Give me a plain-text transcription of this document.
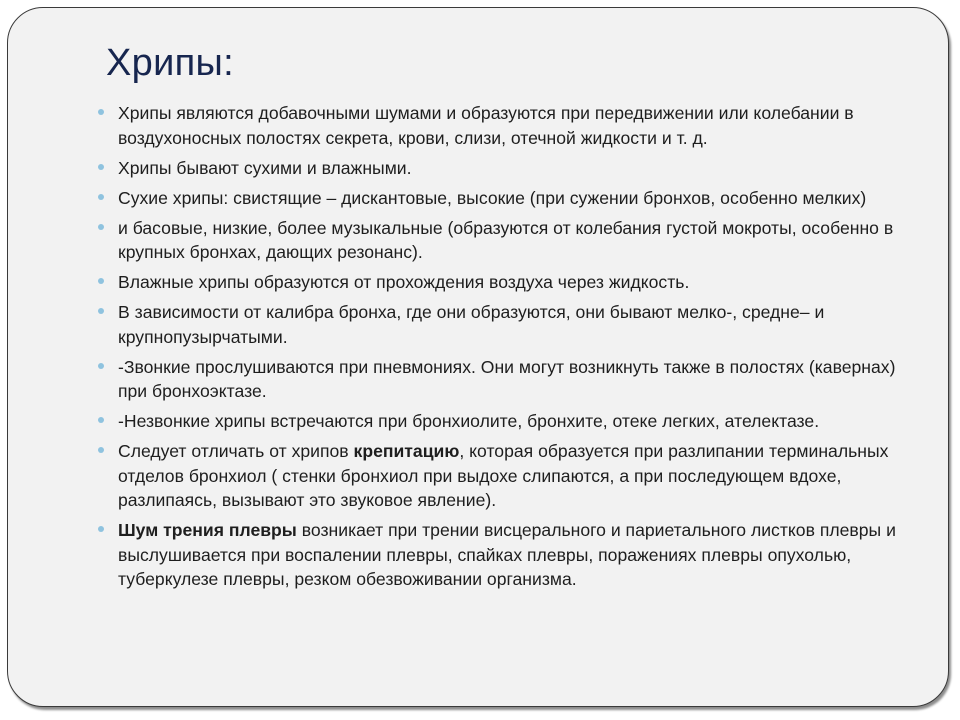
Хрипы:
Хрипы являются добавочными шумами и образуются при передвижении или колебании в воздухоносных полостях секрета, крови, слизи, отечной жидкости и т. д.
Хрипы бывают сухими и влажными.
Сухие хрипы: свистящие – дискантовые, высокие (при сужении бронхов, особенно мелких)
и басовые, низкие, более музыкальные (образуются от колебания густой мокроты, особенно в крупных бронхах, дающих резонанс).
Влажные хрипы образуются от прохождения воздуха через жидкость.
В зависимости от калибра бронха, где они образуются, они бывают мелко-, средне– и крупнопузырчатыми.
-Звонкие прослушиваются при пневмониях. Они могут возникнуть также в полостях (кавернах) при бронхоэктазе.
-Незвонкие хрипы встречаются при бронхиолите, бронхите, отеке легких, ателектазе.
Следует отличать от хрипов крепитацию, которая образуется при разлипании терминальных отделов бронхиол ( стенки бронхиол при выдохе слипаются, а при последующем вдохе, разлипаясь, вызывают это звуковое явление).
Шум трения плевры возникает при трении висцерального и париетального листков плевры и выслушивается при воспалении плевры, спайках плевры, поражениях плевры опухолью, туберкулезе плевры, резком обезвоживании организма.
